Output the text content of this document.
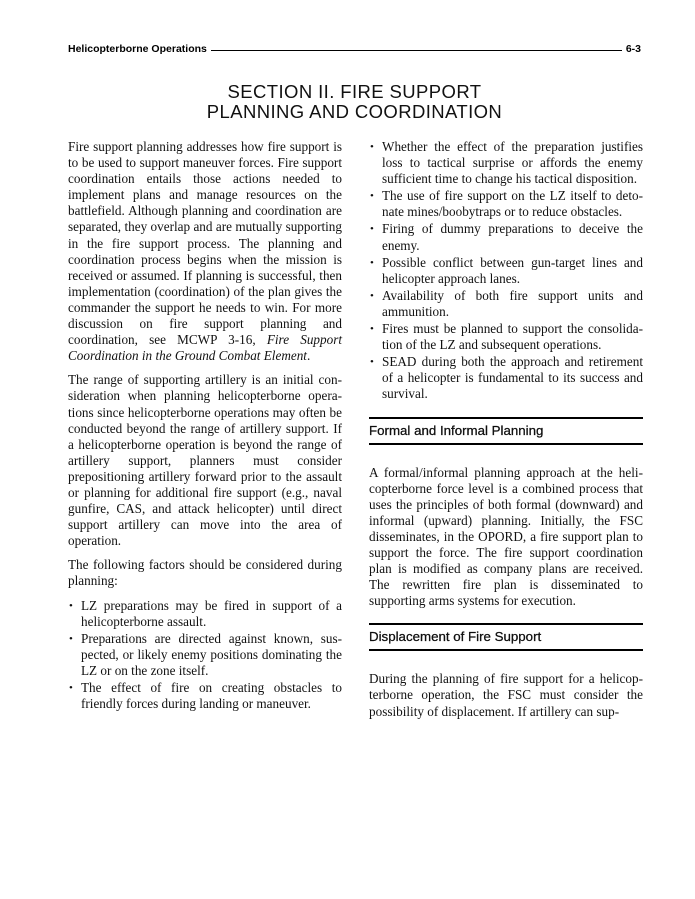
Helicopterborne Operations	6-3
SECTION II. FIRE SUPPORT
PLANNING AND COORDINATION

Fire support planning addresses how fire support is to be used to support maneuver forces. Fire support coordination entails those actions needed to implement plans and manage resources on the battlefield. Although planning and coordination are separated, they overlap and are mutually supporting in the fire support process. The planning and coordination process begins when the mission is received or assumed. If planning is successful, then implementation (coordination) of the plan gives the commander the support he needs to win. For more discussion on fire support planning and coordination, see MCWP 3-16, Fire Support Coordination in the Ground Combat Element.

The range of supporting artillery is an initial consideration when planning helicopterborne operations since helicopterborne operations may often be conducted beyond the range of artillery support. If a helicopterborne operation is beyond the range of artillery support, planners must consider prepositioning artillery forward prior to the assault or planning for additional fire support (e.g., naval gunfire, CAS, and attack helicopter) until direct support artillery can move into the area of operation.

The following factors should be considered during planning:

• LZ preparations may be fired in support of a helicopterborne assault.
• Preparations are directed against known, suspected, or likely enemy positions dominating the LZ or on the zone itself.
• The effect of fire on creating obstacles to friendly forces during landing or maneuver.
• Whether the effect of the preparation justifies loss to tactical surprise or affords the enemy sufficient time to change his tactical disposition.
• The use of fire support on the LZ itself to detonate mines/boobytraps or to reduce obstacles.
• Firing of dummy preparations to deceive the enemy.
• Possible conflict between gun-target lines and helicopter approach lanes.
• Availability of both fire support units and ammunition.
• Fires must be planned to support the consolidation of the LZ and subsequent operations.
• SEAD during both the approach and retirement of a helicopter is fundamental to its success and survival.
Formal and Informal Planning

A formal/informal planning approach at the helicopterborne force level is a combined process that uses the principles of both formal (downward) and informal (upward) planning. Initially, the FSC disseminates, in the OPORD, a fire support plan to support the force. The fire support coordination plan is modified as company plans are received. The rewritten fire plan is disseminated to supporting arms systems for execution.

Displacement of Fire Support

During the planning of fire support for a helicopterborne operation, the FSC must consider the possibility of displacement. If artillery can sup-
